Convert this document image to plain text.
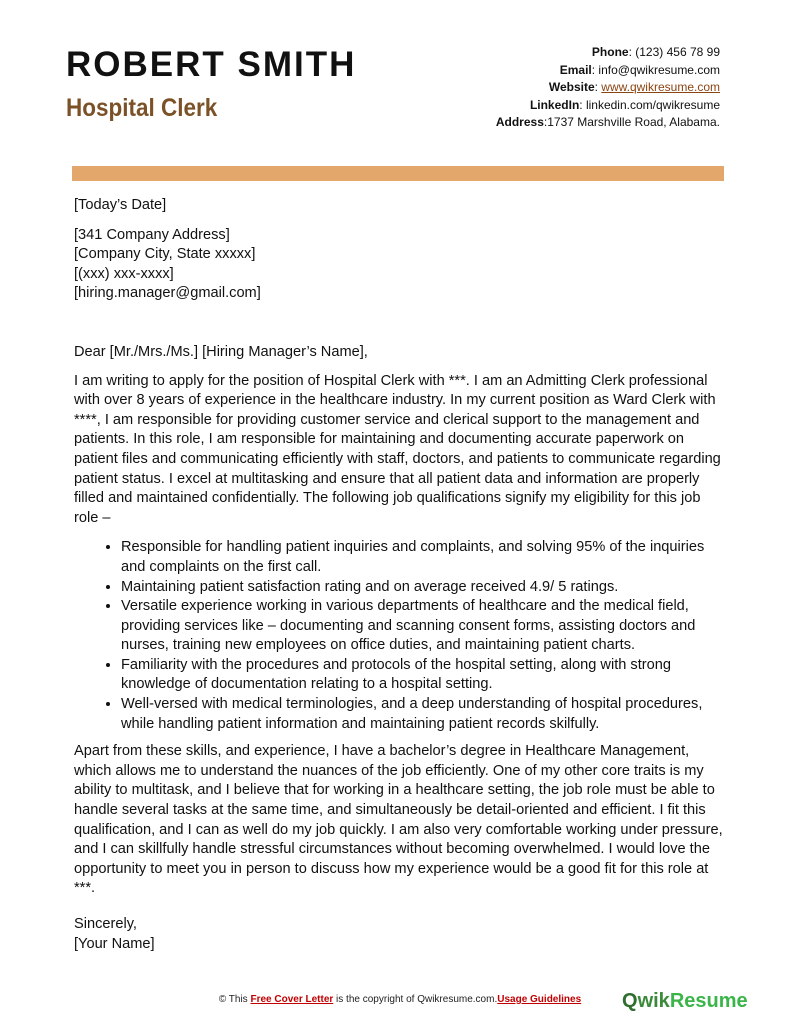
ROBERT SMITH
Hospital Clerk
Phone: (123) 456 78 99
Email: info@qwikresume.com
Website: www.qwikresume.com
LinkedIn: linkedin.com/qwikresume
Address:1737 Marshville Road, Alabama.

[Today’s Date]

[341 Company Address]

[Company City, State xxxxx]

[(xxx) xxx-xxxx]

[hiring.manager@gmail.com]

Dear [Mr./Mrs./Ms.] [Hiring Manager’s Name],

I am writing to apply for the position of Hospital Clerk with ***. I am an Admitting Clerk professional with over 8 years of experience in the healthcare industry. In my current position as Ward Clerk with ****, I am responsible for providing customer service and clerical support to the management and patients. In this role, I am responsible for maintaining and documenting accurate paperwork on patient files and communicating efficiently with staff, doctors, and patients to communicate regarding patient status. I excel at multitasking and ensure that all patient data and information are properly filled and maintained confidentially. The following job qualifications signify my eligibility for this job role –

• Responsible for handling patient inquiries and complaints, and solving 95% of the inquiries and complaints on the first call.
• Maintaining patient satisfaction rating and on average received 4.9/ 5 ratings.
• Versatile experience working in various departments of healthcare and the medical field, providing services like – documenting and scanning consent forms, assisting doctors and nurses, training new employees on office duties, and maintaining patient charts.
• Familiarity with the procedures and protocols of the hospital setting, along with strong knowledge of documentation relating to a hospital setting.
• Well-versed with medical terminologies, and a deep understanding of hospital procedures, while handling patient information and maintaining patient records skilfully.

Apart from these skills, and experience, I have a bachelor’s degree in Healthcare Management, which allows me to understand the nuances of the job efficiently. One of my other core traits is my ability to multitask, and I believe that for working in a healthcare setting, the job role must be able to handle several tasks at the same time, and simultaneously be detail-oriented and efficient. I fit this qualification, and I can as well do my job quickly. I am also very comfortable working under pressure, and I can skillfully handle stressful circumstances without becoming overwhelmed. I would love the opportunity to meet you in person to discuss how my experience would be a good fit for this role at ***.

Sincerely,

[Your Name]

© This Free Cover Letter is the copyright of Qwikresume.com.Usage Guidelines	QwikResume
